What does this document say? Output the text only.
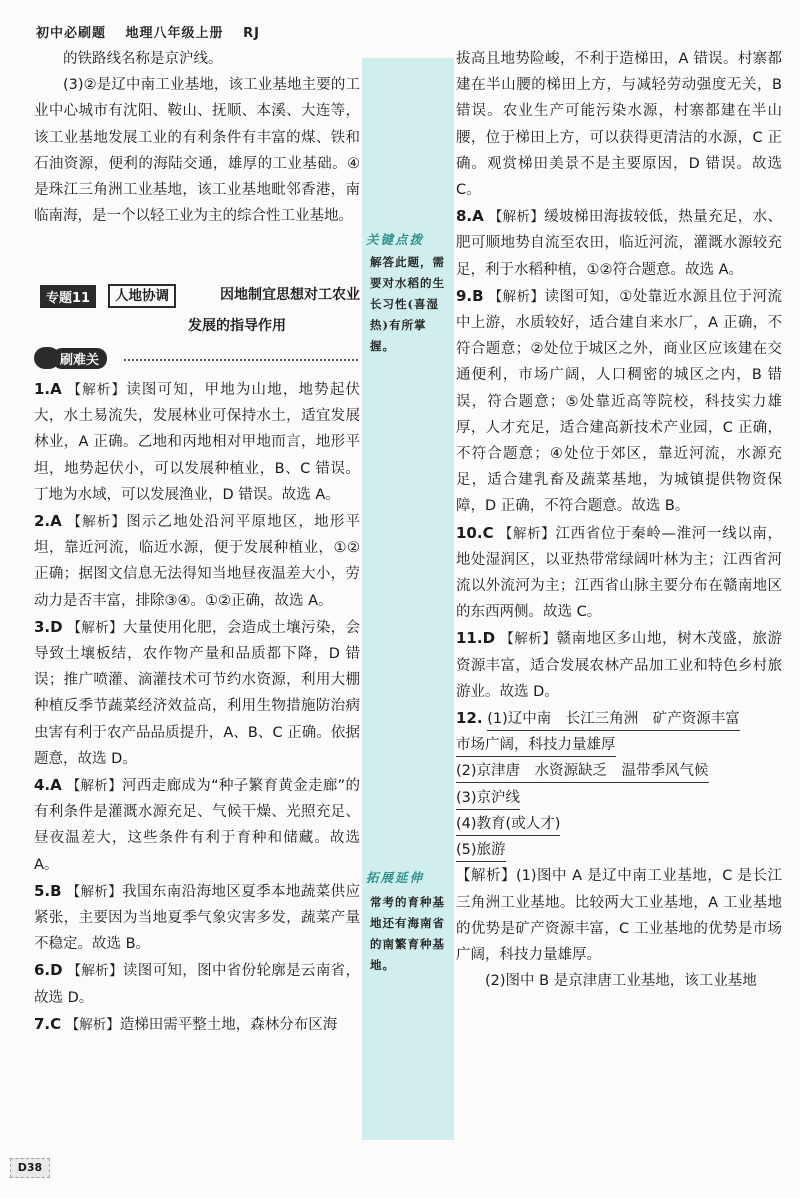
初中必刷题 地理八年级上册 RJ
关键点拨
解答此题，需要对水稻的生长习性(喜湿热)有所掌握。
拓展延伸
常考的育种基地还有海南省的南繁育种基地。

的铁路线名称是京沪线。

(3)②是辽中南工业基地，该工业基地主要的工业中心城市有沈阳、鞍山、抚顺、本溪、大连等，该工业基地发展工业的有利条件有丰富的煤、铁和石油资源，便利的海陆交通，雄厚的工业基础。④是珠江三角洲工业基地，该工业基地毗邻香港，南临南海，是一个以轻工业为主的综合性工业基地。

专题11	人地协调	因地制宜思想对工农业
发展的指导作用
刷难关

1.A 【解析】读图可知，甲地为山地，地势起伏大，水土易流失，发展林业可保持水土，适宜发展林业，A 正确。乙地和丙地相对甲地而言，地形平坦，地势起伏小，可以发展种植业，B、C 错误。丁地为水域，可以发展渔业，D 错误。故选 A。

2.A 【解析】图示乙地处沿河平原地区，地形平坦，靠近河流，临近水源，便于发展种植业，①②正确；据图文信息无法得知当地昼夜温差大小，劳动力是否丰富，排除③④。①②正确，故选 A。

3.D 【解析】大量使用化肥，会造成土壤污染，会导致土壤板结，农作物产量和品质都下降，D 错误；推广喷灌、滴灌技术可节约水资源，利用大棚种植反季节蔬菜经济效益高，利用生物措施防治病虫害有利于农产品品质提升，A、B、C 正确。依据题意，故选 D。

4.A 【解析】河西走廊成为“种子繁育黄金走廊”的有利条件是灌溉水源充足、气候干燥、光照充足、昼夜温差大，这些条件有利于育种和储藏。故选 A。

5.B 【解析】我国东南沿海地区夏季本地蔬菜供应紧张，主要因为当地夏季气象灾害多发，蔬菜产量不稳定。故选 B。

6.D 【解析】读图可知，图中省份轮廓是云南省，故选 D。

7.C 【解析】造梯田需平整土地，森林分布区海

拔高且地势险峻，不利于造梯田，A 错误。村寨都建在半山腰的梯田上方，与减轻劳动强度无关，B 错误。农业生产可能污染水源，村寨都建在半山腰，位于梯田上方，可以获得更清洁的水源，C 正确。观赏梯田美景不是主要原因，D 错误。故选 C。

8.A 【解析】缓坡梯田海拔较低，热量充足，水、肥可顺地势自流至农田，临近河流，灌溉水源较充足，利于水稻种植，①②符合题意。故选 A。

9.B 【解析】读图可知，①处靠近水源且位于河流中上游，水质较好，适合建自来水厂，A 正确，不符合题意；②处位于城区之外，商业区应该建在交通便利，市场广阔，人口稠密的城区之内，B 错误，符合题意；⑤处靠近高等院校，科技实力雄厚，人才充足，适合建高新技术产业园，C 正确，不符合题意；④处位于郊区，靠近河流，水源充足，适合建乳畜及蔬菜基地，为城镇提供物资保障，D 正确，不符合题意。故选 B。

10.C 【解析】江西省位于秦岭—淮河一线以南，地处湿润区，以亚热带常绿阔叶林为主；江西省河流以外流河为主；江西省山脉主要分布在赣南地区的东西两侧。故选 C。

11.D 【解析】赣南地区多山地，树木茂盛，旅游资源丰富，适合发展农林产品加工业和特色乡村旅游业。故选 D。

12. (1)辽中南　长江三角洲　矿产资源丰富
市场广阔，科技力量雄厚
(2)京津唐　水资源缺乏　温带季风气候
(3)京沪线
(4)教育(或人才)
(5)旅游

【解析】(1)图中 A 是辽中南工业基地，C 是长江三角洲工业基地。比较两大工业基地，A 工业基地的优势是矿产资源丰富，C 工业基地的优势是市场广阔，科技力量雄厚。

(2)图中 B 是京津唐工业基地，该工业基地

D38
